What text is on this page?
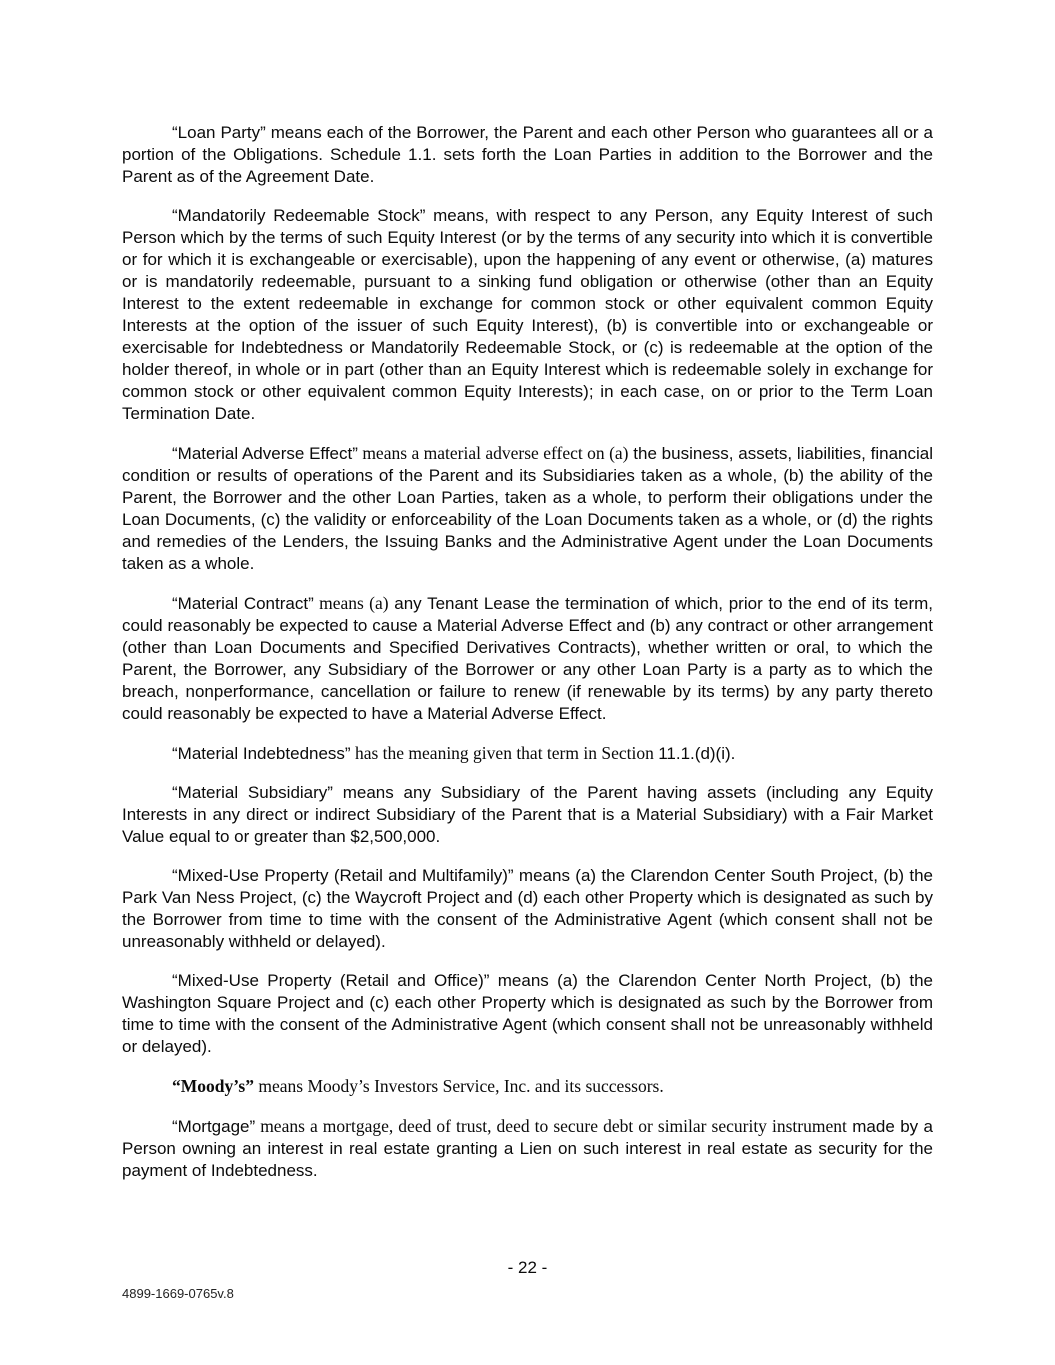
“Loan Party” means each of the Borrower, the Parent and each other Person who guarantees all or a portion of the Obligations. Schedule 1.1. sets forth the Loan Parties in addition to the Borrower and the Parent as of the Agreement Date.

“Mandatorily Redeemable Stock” means, with respect to any Person, any Equity Interest of such Person which by the terms of such Equity Interest (or by the terms of any security into which it is convertible or for which it is exchangeable or exercisable), upon the happening of any event or otherwise, (a) matures or is mandatorily redeemable, pursuant to a sinking fund obligation or otherwise (other than an Equity Interest to the extent redeemable in exchange for common stock or other equivalent common Equity Interests at the option of the issuer of such Equity Interest), (b) is convertible into or exchangeable or exercisable for Indebtedness or Mandatorily Redeemable Stock, or (c) is redeemable at the option of the holder thereof, in whole or in part (other than an Equity Interest which is redeemable solely in exchange for common stock or other equivalent common Equity Interests); in each case, on or prior to the Term Loan Termination Date.

“Material Adverse Effect” means a material adverse effect on (a) the business, assets, liabilities, financial condition or results of operations of the Parent and its Subsidiaries taken as a whole, (b) the ability of the Parent, the Borrower and the other Loan Parties, taken as a whole, to perform their obligations under the Loan Documents, (c) the validity or enforceability of the Loan Documents taken as a whole, or (d) the rights and remedies of the Lenders, the Issuing Banks and the Administrative Agent under the Loan Documents taken as a whole.

“Material Contract” means (a) any Tenant Lease the termination of which, prior to the end of its term, could reasonably be expected to cause a Material Adverse Effect and (b) any contract or other arrangement (other than Loan Documents and Specified Derivatives Contracts), whether written or oral, to which the Parent, the Borrower, any Subsidiary of the Borrower or any other Loan Party is a party as to which the breach, nonperformance, cancellation or failure to renew (if renewable by its terms) by any party thereto could reasonably be expected to have a Material Adverse Effect.

“Material Indebtedness” has the meaning given that term in Section 11.1.(d)(i).

“Material Subsidiary” means any Subsidiary of the Parent having assets (including any Equity Interests in any direct or indirect Subsidiary of the Parent that is a Material Subsidiary) with a Fair Market Value equal to or greater than $2,500,000.

“Mixed-Use Property (Retail and Multifamily)” means (a) the Clarendon Center South Project, (b) the Park Van Ness Project, (c) the Waycroft Project and (d) each other Property which is designated as such by the Borrower from time to time with the consent of the Administrative Agent (which consent shall not be unreasonably withheld or delayed).

“Mixed-Use Property (Retail and Office)” means (a) the Clarendon Center North Project, (b) the Washington Square Project and (c) each other Property which is designated as such by the Borrower from time to time with the consent of the Administrative Agent (which consent shall not be unreasonably withheld or delayed).

“Moody’s” means Moody’s Investors Service, Inc. and its successors.

“Mortgage” means a mortgage, deed of trust, deed to secure debt or similar security instrument made by a Person owning an interest in real estate granting a Lien on such interest in real estate as security for the payment of Indebtedness.

- 22 -
4899-1669-0765v.8
